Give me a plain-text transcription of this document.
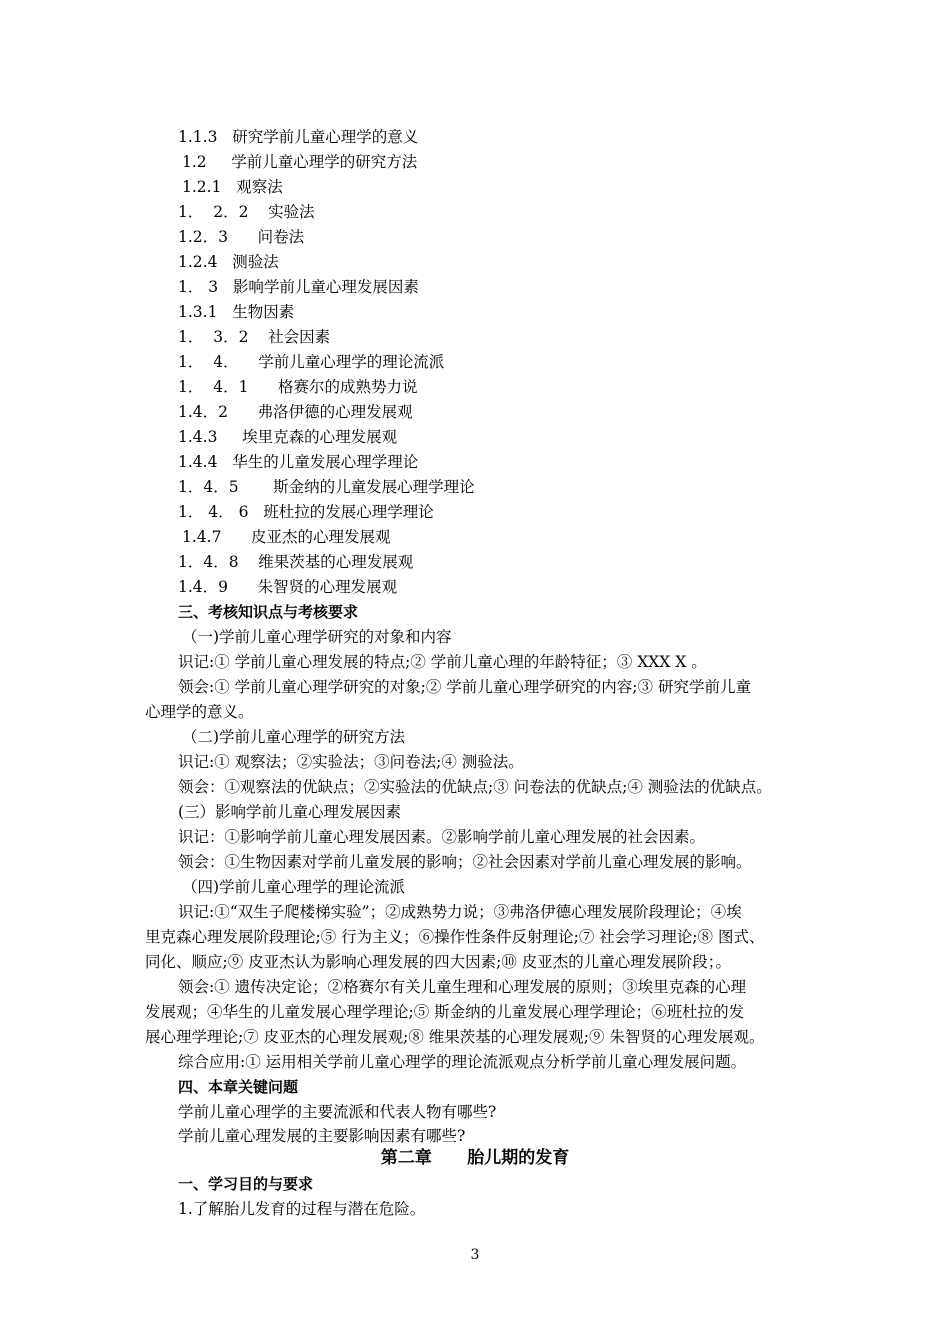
1.1.3   研究学前儿童心理学的意义
1.2     学前儿童心理学的研究方法
1.2.1   观察法
1．  2．2    实验法
1.2．3      问卷法
1.2.4   测验法
1． 3   影响学前儿童心理发展因素
1.3.1   生物因素
1．  3．2    社会因素
1．  4．    学前儿童心理学的理论流派
1．  4．1      格赛尔的成熟势力说
1.4．2      弗洛伊德的心理发展观
1.4.3     埃里克森的心理发展观
1.4.4   华生的儿童发展心理学理论
1．4．5       斯金纳的儿童发展心理学理论
1． 4． 6   班杜拉的发展心理学理论
1.4.7      皮亚杰的心理发展观
1．4．8    维果茨基的心理发展观
1.4．9      朱智贤的心理发展观
三、考核知识点与考核要求
（一)学前儿童心理学研究的对象和内容
识记:① 学前儿童心理发展的特点;② 学前儿童心理的年龄特征；③ XXX X 。
领会:① 学前儿童心理学研究的对象;② 学前儿童心理学研究的内容;③ 研究学前儿童
心理学的意义。
（二)学前儿童心理学的研究方法
识记:① 观察法；②实验法；③问卷法;④ 测验法。
领会：①观察法的优缺点；②实验法的优缺点;③ 问卷法的优缺点;④ 测验法的优缺点。
(三）影响学前儿童心理发展因素
识记：①影响学前儿童心理发展因素。②影响学前儿童心理发展的社会因素。
领会：①生物因素对学前儿童发展的影响；②社会因素对学前儿童心理发展的影响。
（四)学前儿童心理学的理论流派
识记:①“双生子爬楼梯实验”；②成熟势力说；③弗洛伊德心理发展阶段理论；④埃
里克森心理发展阶段理论;⑤ 行为主义；⑥操作性条件反射理论;⑦ 社会学习理论;⑧ 图式、
同化、顺应;⑨ 皮亚杰认为影响心理发展的四大因素;⑩ 皮亚杰的儿童心理发展阶段；。
领会:① 遗传决定论；②格赛尔有关儿童生理和心理发展的原则；③埃里克森的心理
发展观；④华生的儿童发展心理学理论;⑤ 斯金纳的儿童发展心理学理论；⑥班杜拉的发
展心理学理论;⑦ 皮亚杰的心理发展观;⑧ 维果茨基的心理发展观;⑨ 朱智贤的心理发展观。
综合应用:① 运用相关学前儿童心理学的理论流派观点分析学前儿童心理发展问题。
四、本章关键问题
学前儿童心理学的主要流派和代表人物有哪些?
学前儿童心理发展的主要影响因素有哪些?
第二章      胎儿期的发育
一、学习目的与要求
1.了解胎儿发育的过程与潜在危险。
3
